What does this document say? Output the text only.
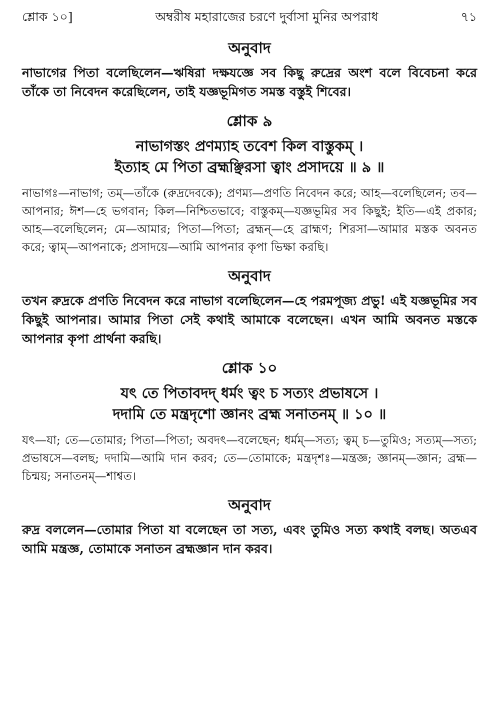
শ্লোক ১০]	অম্বরীষ মহারাজের চরণে দুর্বাসা মুনির অপরাধ	৭১
অনুবাদ

নাভাগের পিতা বলেছিলেন—ঋষিরা দক্ষযজ্ঞে সব কিছু রুদ্রের অংশ বলে বিবেচনা করে তাঁকে তা নিবেদন করেছিলেন, তাই যজ্ঞভূমিগত সমস্ত বস্তুই শিবের।

শ্লোক ৯
নাভাগস্তং প্রণম্যাহ তবেশ কিল বাস্তুকম্ ।
ইত্যাহ মে পিতা ব্রহ্মঞ্ছিরসা ত্বাং প্রসাদয়ে ॥ ৯ ॥

নাভাগঃ—নাভাগ; তম্—তাঁকে (রুদ্রদেবকে); প্রণম্য—প্রণতি নিবেদন করে; আহ—বলেছিলেন; তব—আপনার; ঈশ—হে ভগবান; কিল—নিশ্চিতভাবে; বাস্তুকম্—যজ্ঞভূমির সব কিছুই; ইতি—এই প্রকার; আহ—বলেছিলেন; মে—আমার; পিতা—পিতা; ব্রহ্মন্—হে ব্রাহ্মণ; শিরসা—আমার মস্তক অবনত করে; ত্বাম্—আপনাকে; প্রসাদয়ে—আমি আপনার কৃপা ভিক্ষা করছি।

অনুবাদ

তখন রুদ্রকে প্রণতি নিবেদন করে নাভাগ বলেছিলেন—হে পরমপূজ্য প্রভু! এই যজ্ঞভূমির সব কিছুই আপনার। আমার পিতা সেই কথাই আমাকে বলেছেন। এখন আমি অবনত মস্তকে আপনার কৃপা প্রার্থনা করছি।

শ্লোক ১০
যৎ তে পিতাবদদ্ ধর্মং ত্বং চ সত্যং প্রভাষসে ।
দদামি তে মন্ত্রদৃশো জ্ঞানং ব্রহ্ম সনাতনম্ ॥ ১০ ॥

যৎ—যা; তে—তোমার; পিতা—পিতা; অবদৎ—বলেছেন; ধর্মম্—সত্য; ত্বম্ চ—তুমিও; সত্যম্—সত্য; প্রভাষসে—বলছ; দদামি—আমি দান করব; তে—তোমাকে; মন্ত্রদৃশঃ—মন্ত্রজ্ঞ; জ্ঞানম্—জ্ঞান; ব্রহ্ম—চিন্ময়; সনাতনম্—শাশ্বত।

অনুবাদ

রুদ্র বললেন—তোমার পিতা যা বলেছেন তা সত্য, এবং তুমিও সত্য কথাই বলছ। অতএব আমি মন্ত্রজ্ঞ, তোমাকে সনাতন ব্রহ্মজ্ঞান দান করব।
